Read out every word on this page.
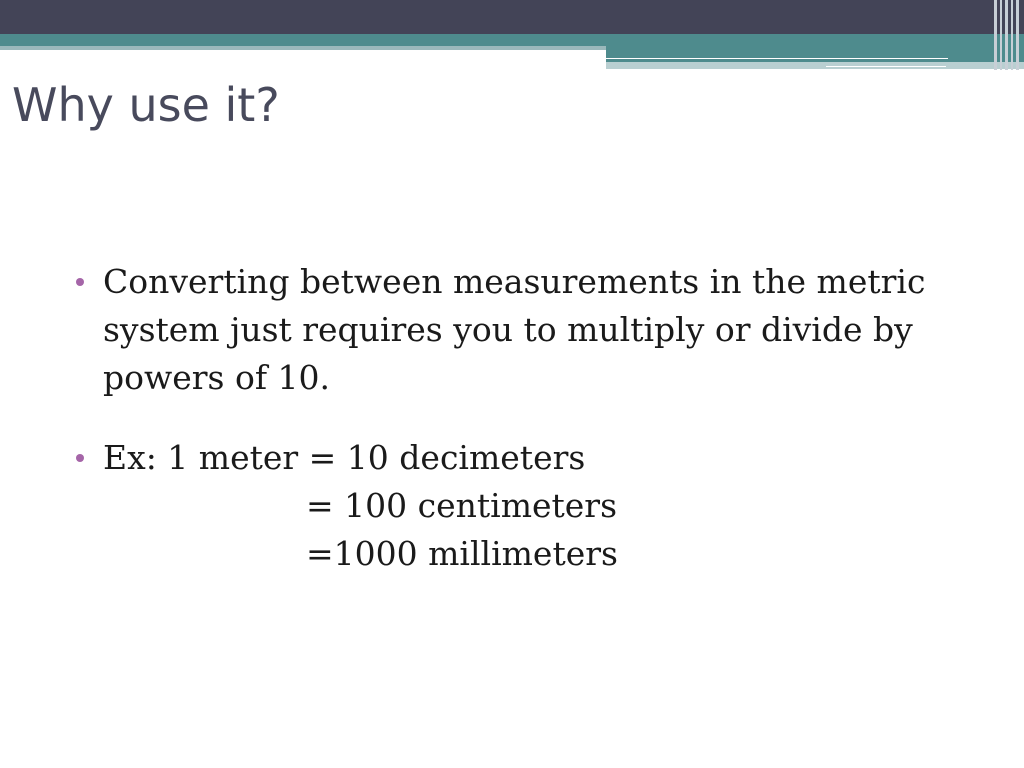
Why use it?
Converting between measurements in the metric
system just requires you to multiply or divide by
powers of 10.
Ex: 1 meter = 10 decimeters
= 100 centimeters
=1000 millimeters
